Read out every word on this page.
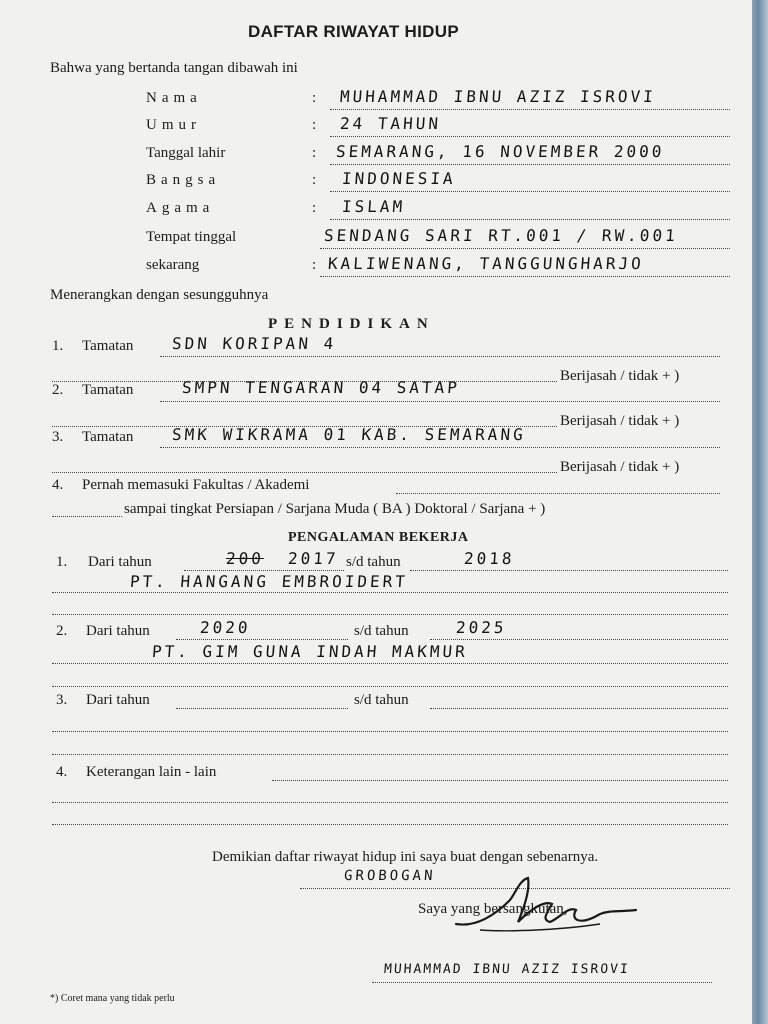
DAFTAR RIWAYAT HIDUP
Bahwa yang bertanda tangan dibawah ini
Nama	: MUHAMMAD IBNU AZIZ ISROVI
Umur	: 24 TAHUN
Tanggal lahir	: SEMARANG, 16 NOVEMBER 2000
Bangsa	: INDONESIA
Agama	: ISLAM
Tempat tinggal	SENDANG SARI RT.001 / RW.001
sekarang	: KALIWENANG, TANGGUNGHARJO
Menerangkan dengan sesungguhnya
PENDIDIKAN
1. Tamatan SDN KORIPAN 4
Berijasah / tidak + )
2. Tamatan	SMPN TENGARAN 04 SATAP
Berijasah / tidak + )
3. Tamatan SMK WIKRAMA 01 KAB. SEMARANG
Berijasah / tidak + )
4. Pernah memasuki Fakultas / Akademi
sampai tingkat Persiapan / Sarjana Muda ( BA ) Doktoral / Sarjana + )
PENGALAMAN BEKERJA
1. Dari tahun	200 2017 s/d tahun	2018
PT. HANGANG EMBROIDERT
2. Dari tahun	2020	s/d tahun	2025
PT. GIM GUNA INDAH MAKMUR
3. Dari tahun	s/d tahun
4. Keterangan lain - lain
Demikian daftar riwayat hidup ini saya buat dengan sebenarnya.
GROBOGAN
Saya yang bersangkutan,
MUHAMMAD IBNU AZIZ ISROVI
*) Coret mana yang tidak perlu
